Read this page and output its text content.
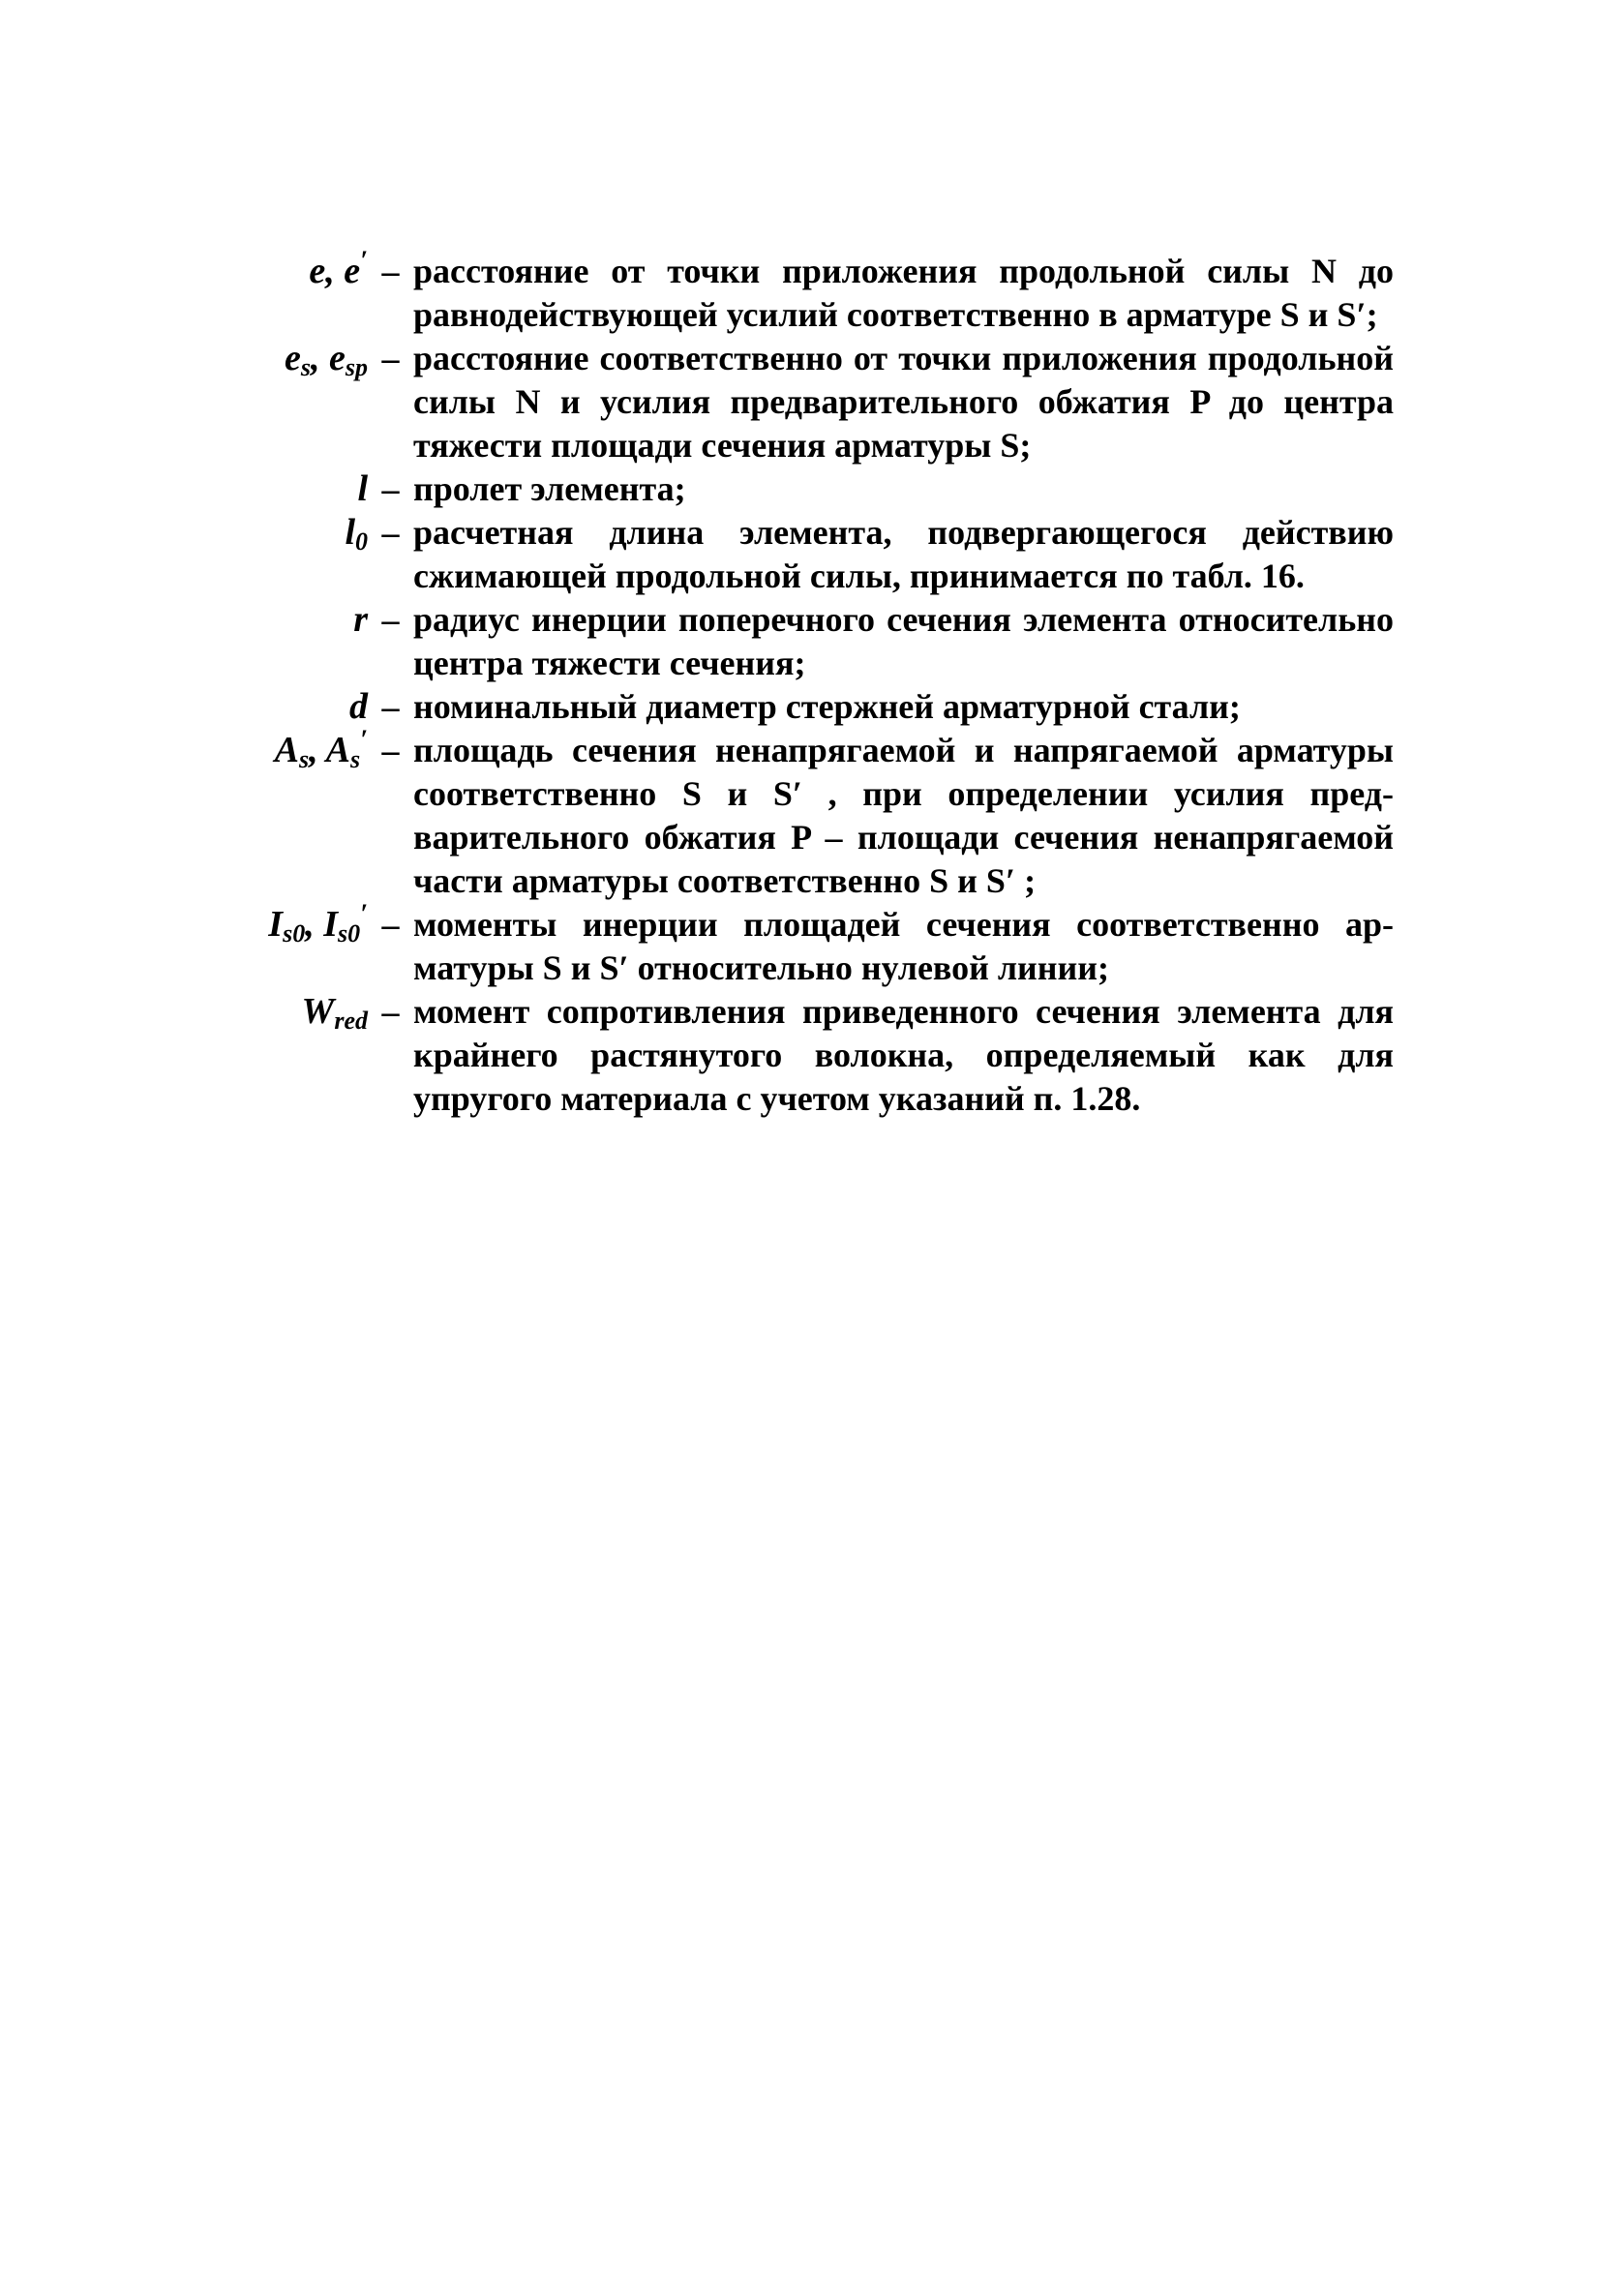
e, e′ – расстояние от точки приложения продольной силы N до равнодействующей усилий соответственно в арматуре S и S′;
$e_s$, $e_{sp}$ – расстояние соответственно от точки приложения продольной силы N и усилия предварительного обжатия P до центра тяжести площади сечения арматуры S;
l – пролет элемента;
$l_0$ – расчетная длина элемента, подвергающегося действию сжимающей продольной силы, принимается по табл. 16.
r – радиус инерции поперечного сечения элемента относительно центра тяжести сечения;
d – номинальный диаметр стержней арматурной стали;
$A_s$, $A_s'$ – площадь сечения ненапрягаемой и напрягаемой арматуры соответственно S и S′ , при определении усилия предварительного обжатия P – площади сечения ненапрягаемой части арматуры соответственно S и S′ ;
$I_{s0}$, $I_{s0}'$ – моменты инерции площадей сечения соответственно арматуры S и S′ относительно нулевой линии;
$W_{red}$ – момент сопротивления приведенного сечения элемента для крайнего растянутого волокна, определяемый как для упругого материала с учетом указаний п. 1.28.
